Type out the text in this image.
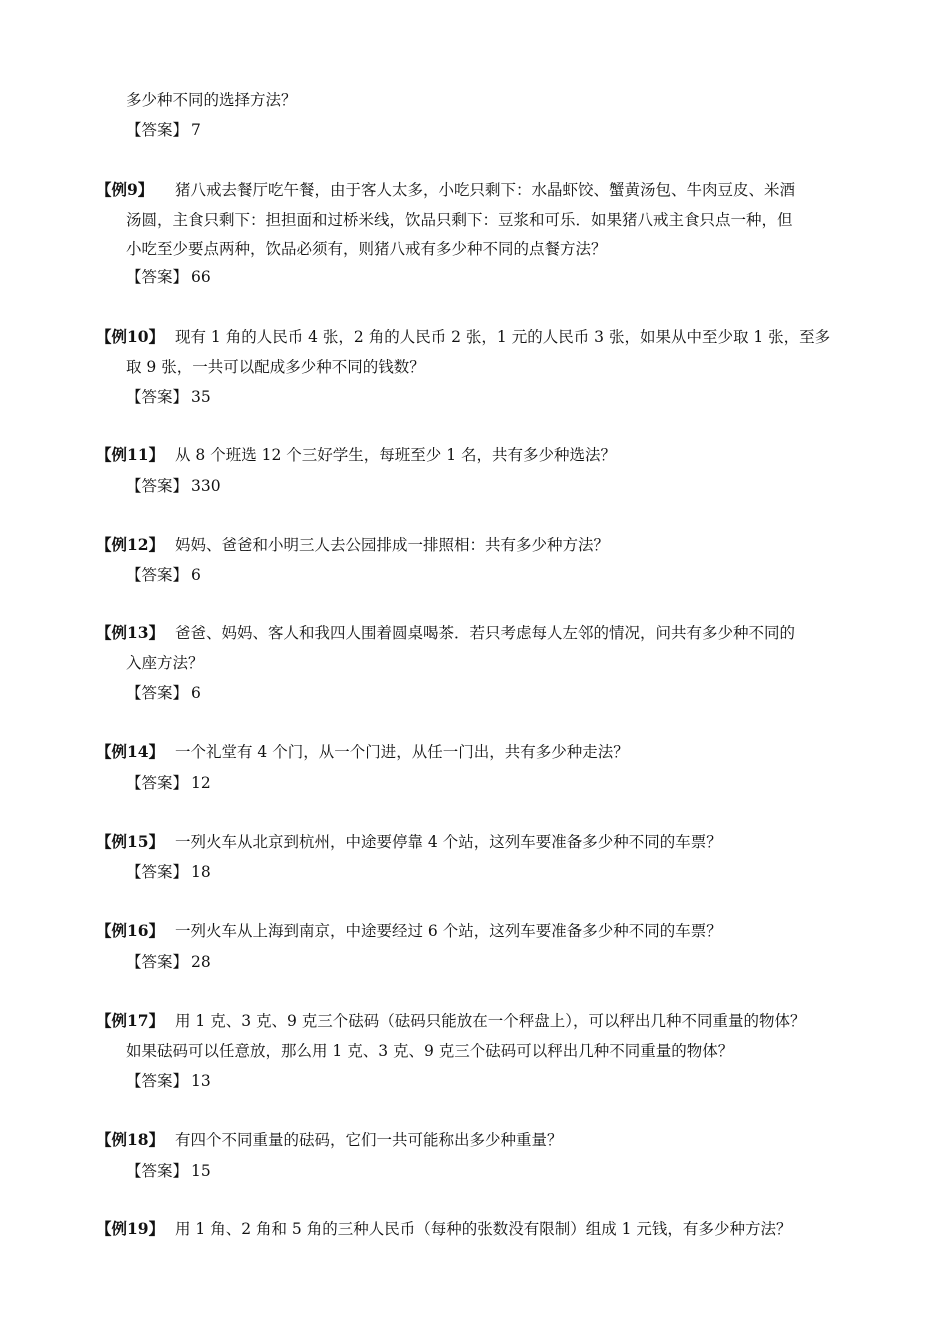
多少种不同的选择方法？
【答案】 7
【例9】 猪八戒去餐厅吃午餐，由于客人太多，小吃只剩下：水晶虾饺、蟹黄汤包、牛肉豆皮、米酒
汤圆，主食只剩下：担担面和过桥米线，饮品只剩下：豆浆和可乐．如果猪八戒主食只点一种，但
小吃至少要点两种，饮品必须有，则猪八戒有多少种不同的点餐方法？
【答案】 66
【例10】 现有 1 角的人民币 4 张，2 角的人民币 2 张，1 元的人民币 3 张，如果从中至少取 1 张，至多
取 9 张，一共可以配成多少种不同的钱数？
【答案】 35
【例11】 从 8 个班选 12 个三好学生，每班至少 1 名，共有多少种选法？
【答案】 330
【例12】 妈妈、爸爸和小明三人去公园排成一排照相：共有多少种方法？
【答案】 6
【例13】 爸爸、妈妈、客人和我四人围着圆桌喝茶．若只考虑每人左邻的情况，问共有多少种不同的
入座方法？
【答案】 6
【例14】 一个礼堂有 4 个门，从一个门进，从任一门出，共有多少种走法？
【答案】 12
【例15】 一列火车从北京到杭州，中途要停靠 4 个站，这列车要准备多少种不同的车票？
【答案】 18
【例16】 一列火车从上海到南京，中途要经过 6 个站，这列车要准备多少种不同的车票？
【答案】 28
【例17】 用 1 克、3 克、9 克三个砝码（砝码只能放在一个秤盘上），可以秤出几种不同重量的物体？
如果砝码可以任意放，那么用 1 克、3 克、9 克三个砝码可以秤出几种不同重量的物体？
【答案】 13
【例18】 有四个不同重量的砝码，它们一共可能称出多少种重量？
【答案】 15
【例19】 用 1 角、2 角和 5 角的三种人民币（每种的张数没有限制）组成 1 元钱，有多少种方法？
